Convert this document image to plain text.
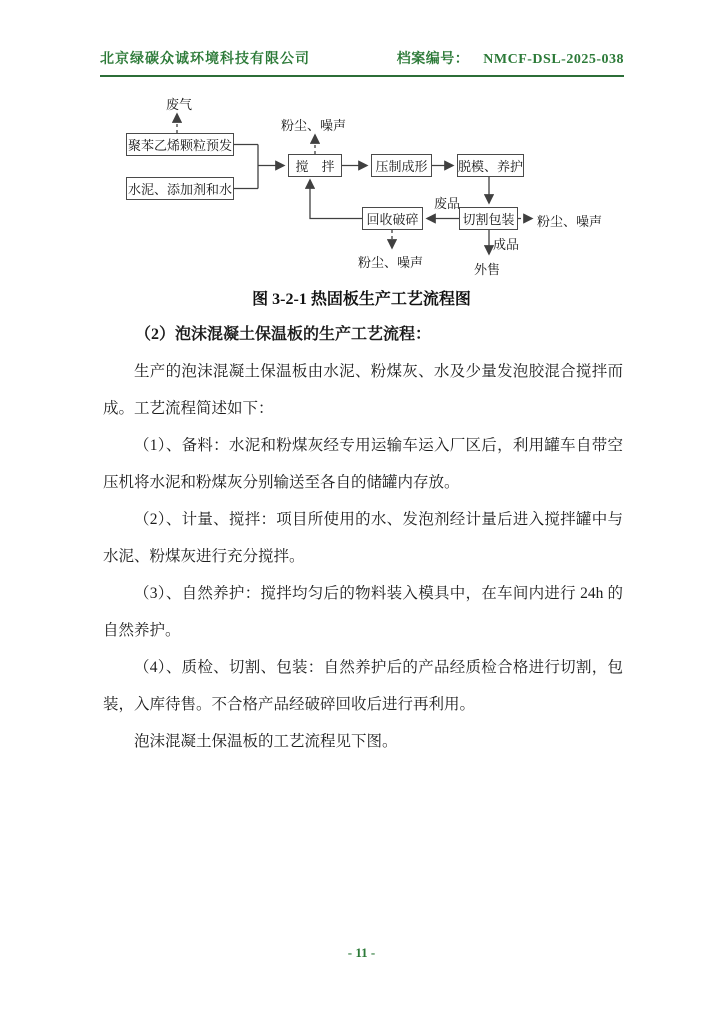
北京绿碳众诚环境科技有限公司	档案编号： NMCF-DSL-2025-038
聚苯乙烯颗粒预发
水泥、添加剂和水
搅　拌	压制成形	脱模、养护
回收破碎	切割包装
废气
粉尘、噪声
废品
粉尘、噪声
成品
外售
粉尘、噪声
图 3-2-1 热固板生产工艺流程图

（2）泡沫混凝土保温板的生产工艺流程：

生产的泡沫混凝土保温板由水泥、粉煤灰、水及少量发泡胶混合搅拌而成。工艺流程简述如下：

（1）、备料：水泥和粉煤灰经专用运输车运入厂区后，利用罐车自带空压机将水泥和粉煤灰分别输送至各自的储罐内存放。

（2）、计量、搅拌：项目所使用的水、发泡剂经计量后进入搅拌罐中与水泥、粉煤灰进行充分搅拌。

（3）、自然养护：搅拌均匀后的物料装入模具中，在车间内进行 24h 的自然养护。

（4）、质检、切割、包装：自然养护后的产品经质检合格进行切割，包装，入库待售。不合格产品经破碎回收后进行再利用。

泡沫混凝土保温板的工艺流程见下图。

- 11 -
